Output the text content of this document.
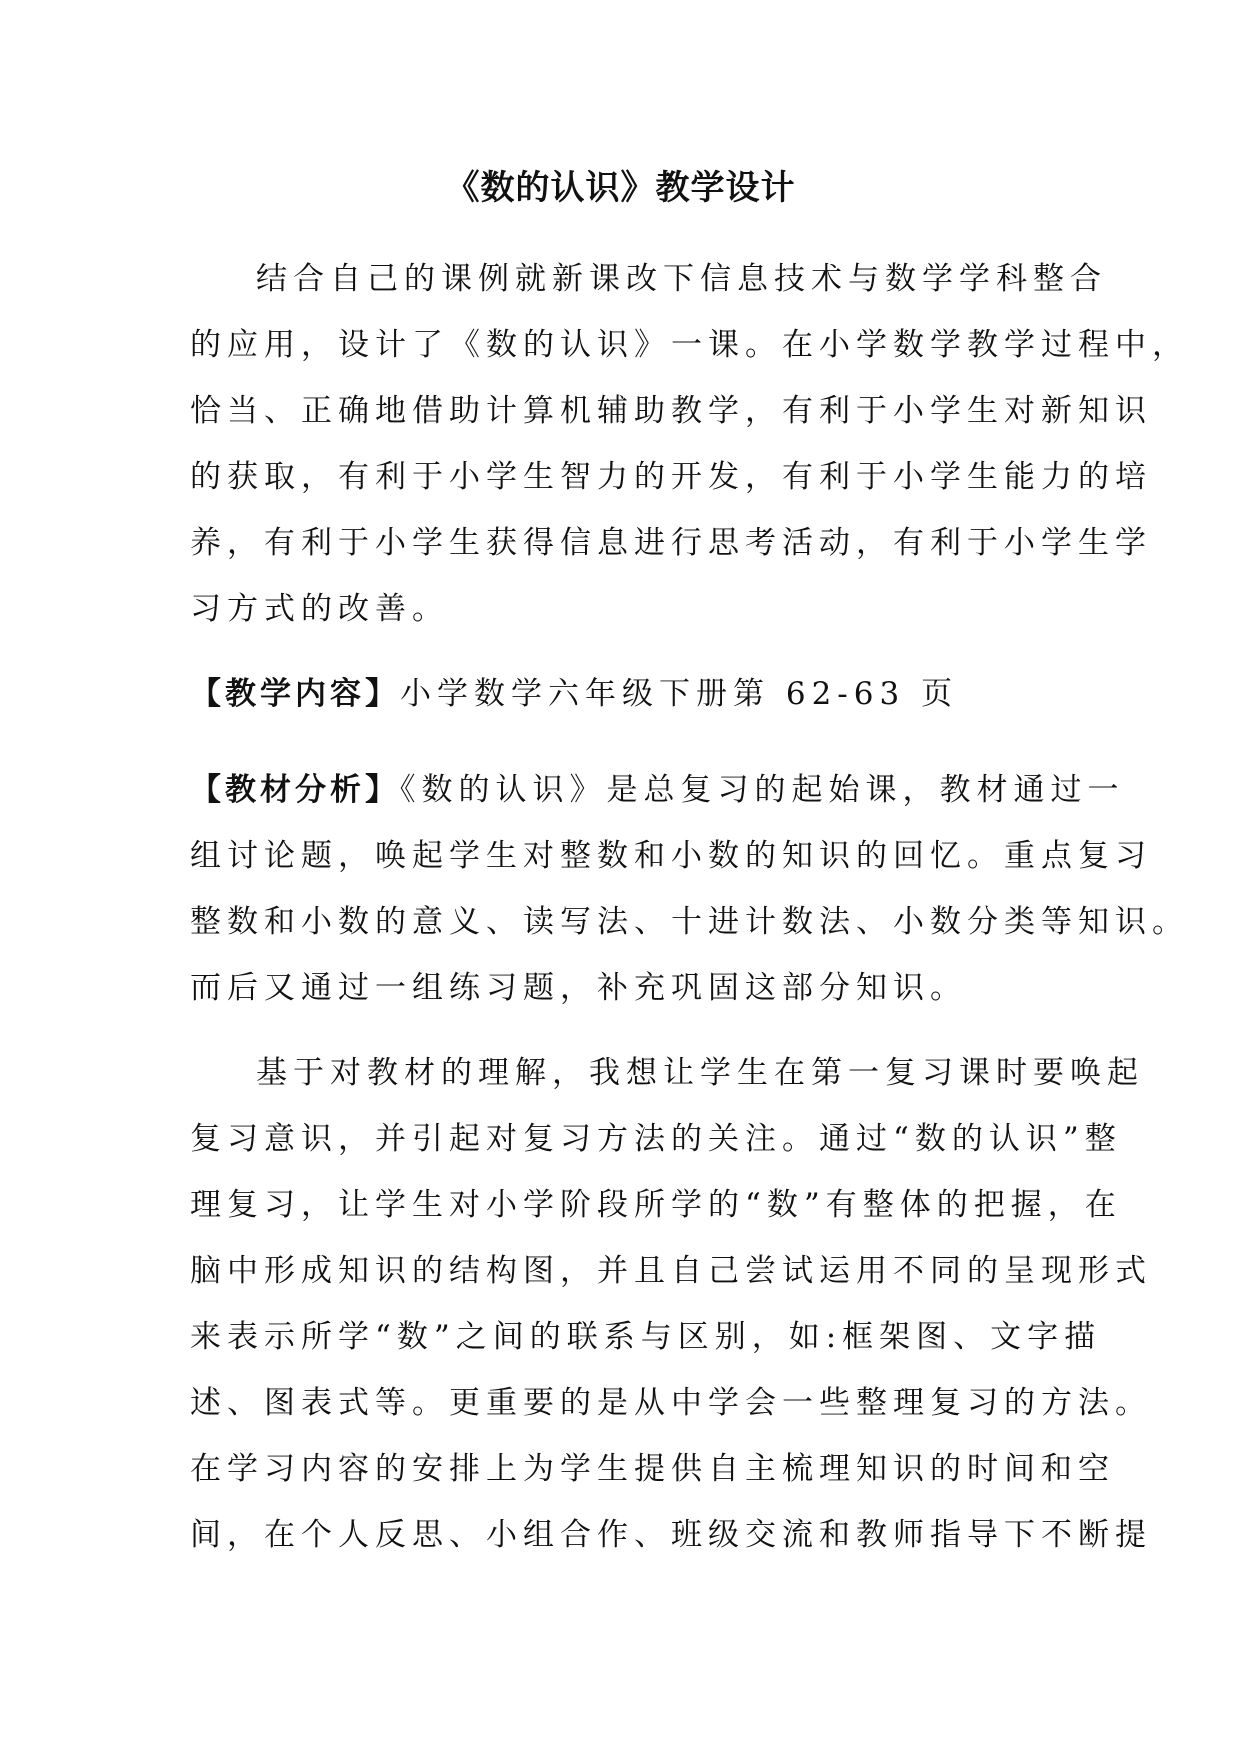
《数的认识》教学设计
结合自己的课例就新课改下信息技术与数学学科整合
的应用，设计了《数的认识》一课。在小学数学教学过程中，
恰当、正确地借助计算机辅助教学，有利于小学生对新知识
的获取，有利于小学生智力的开发，有利于小学生能力的培
养，有利于小学生获得信息进行思考活动，有利于小学生学
习方式的改善。
【教学内容】小学数学六年级下册第 62-63 页
【教材分析】《数的认识》是总复习的起始课，教材通过一
组讨论题，唤起学生对整数和小数的知识的回忆。重点复习
整数和小数的意义、读写法、十进计数法、小数分类等知识。
而后又通过一组练习题，补充巩固这部分知识。
基于对教材的理解，我想让学生在第一复习课时要唤起
复习意识，并引起对复习方法的关注。通过“数的认识”整
理复习，让学生对小学阶段所学的“数”有整体的把握，在
脑中形成知识的结构图，并且自己尝试运用不同的呈现形式
来表示所学“数”之间的联系与区别，如:框架图、文字描
述、图表式等。更重要的是从中学会一些整理复习的方法。
在学习内容的安排上为学生提供自主梳理知识的时间和空
间，在个人反思、小组合作、班级交流和教师指导下不断提
